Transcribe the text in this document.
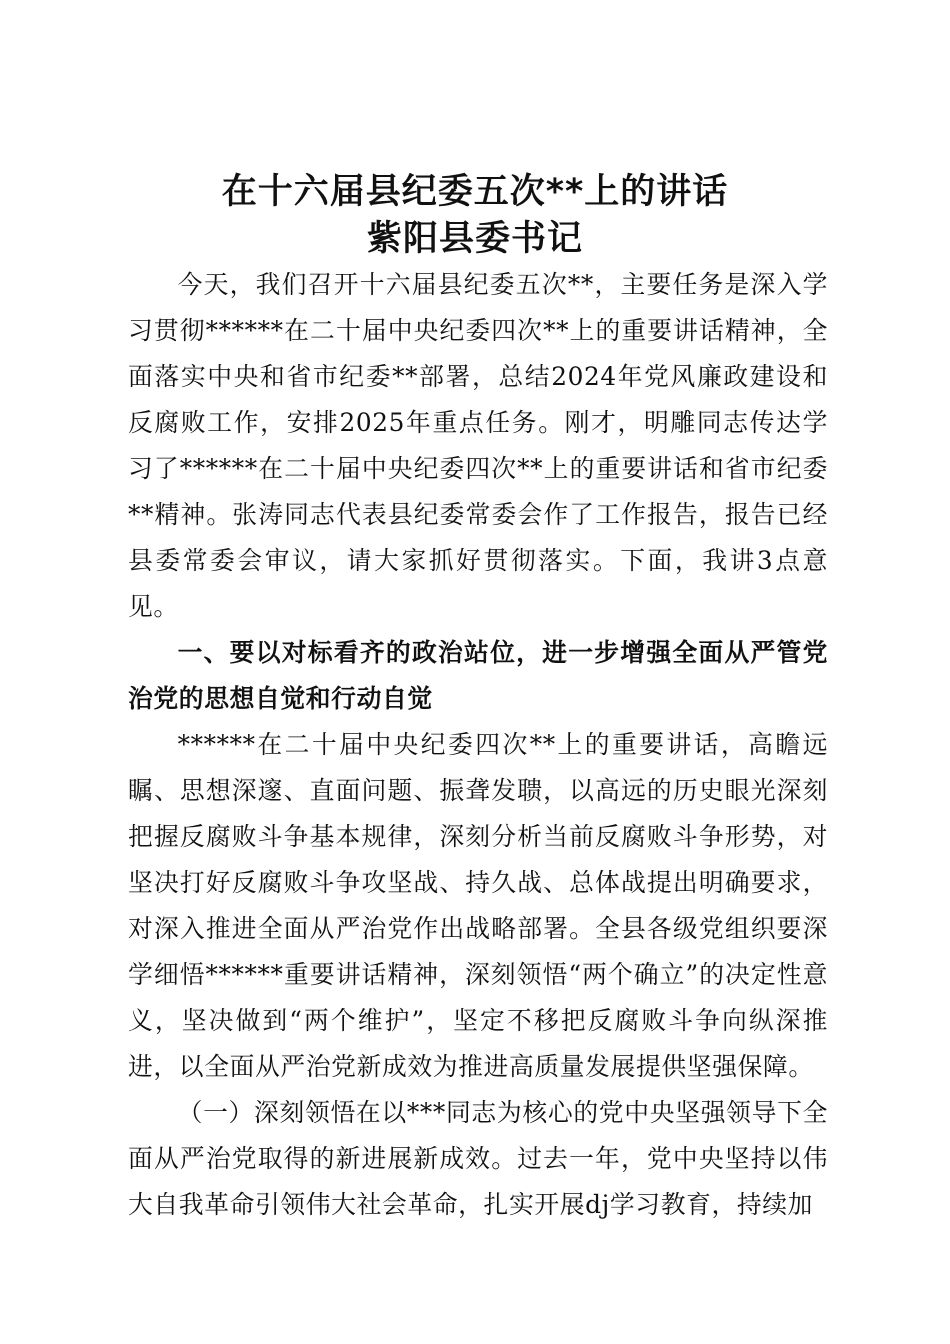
在十六届县纪委五次**上的讲话
紫阳县委书记

今天，我们召开十六届县纪委五次**，主要任务是深入学习贯彻******在二十届中央纪委四次**上的重要讲话精神，全面落实中央和省市纪委**部署，总结2024年党风廉政建设和反腐败工作，安排2025年重点任务。刚才，明雕同志传达学习了******在二十届中央纪委四次**上的重要讲话和省市纪委**精神。张涛同志代表县纪委常委会作了工作报告，报告已经县委常委会审议，请大家抓好贯彻落实。下面，我讲3点意见。

一、要以对标看齐的政治站位，进一步增强全面从严管党治党的思想自觉和行动自觉

******在二十届中央纪委四次**上的重要讲话，高瞻远瞩、思想深邃、直面问题、振聋发聩，以高远的历史眼光深刻把握反腐败斗争基本规律，深刻分析当前反腐败斗争形势，对坚决打好反腐败斗争攻坚战、持久战、总体战提出明确要求，对深入推进全面从严治党作出战略部署。全县各级党组织要深学细悟******重要讲话精神，深刻领悟“两个确立”的决定性意义，坚决做到“两个维护”，坚定不移把反腐败斗争向纵深推进，以全面从严治党新成效为推进高质量发展提供坚强保障。

（一）深刻领悟在以***同志为核心的党中央坚强领导下全面从严治党取得的新进展新成效。过去一年，党中央坚持以伟大自我革命引领伟大社会革命，扎实开展dj学习教育，持续加
